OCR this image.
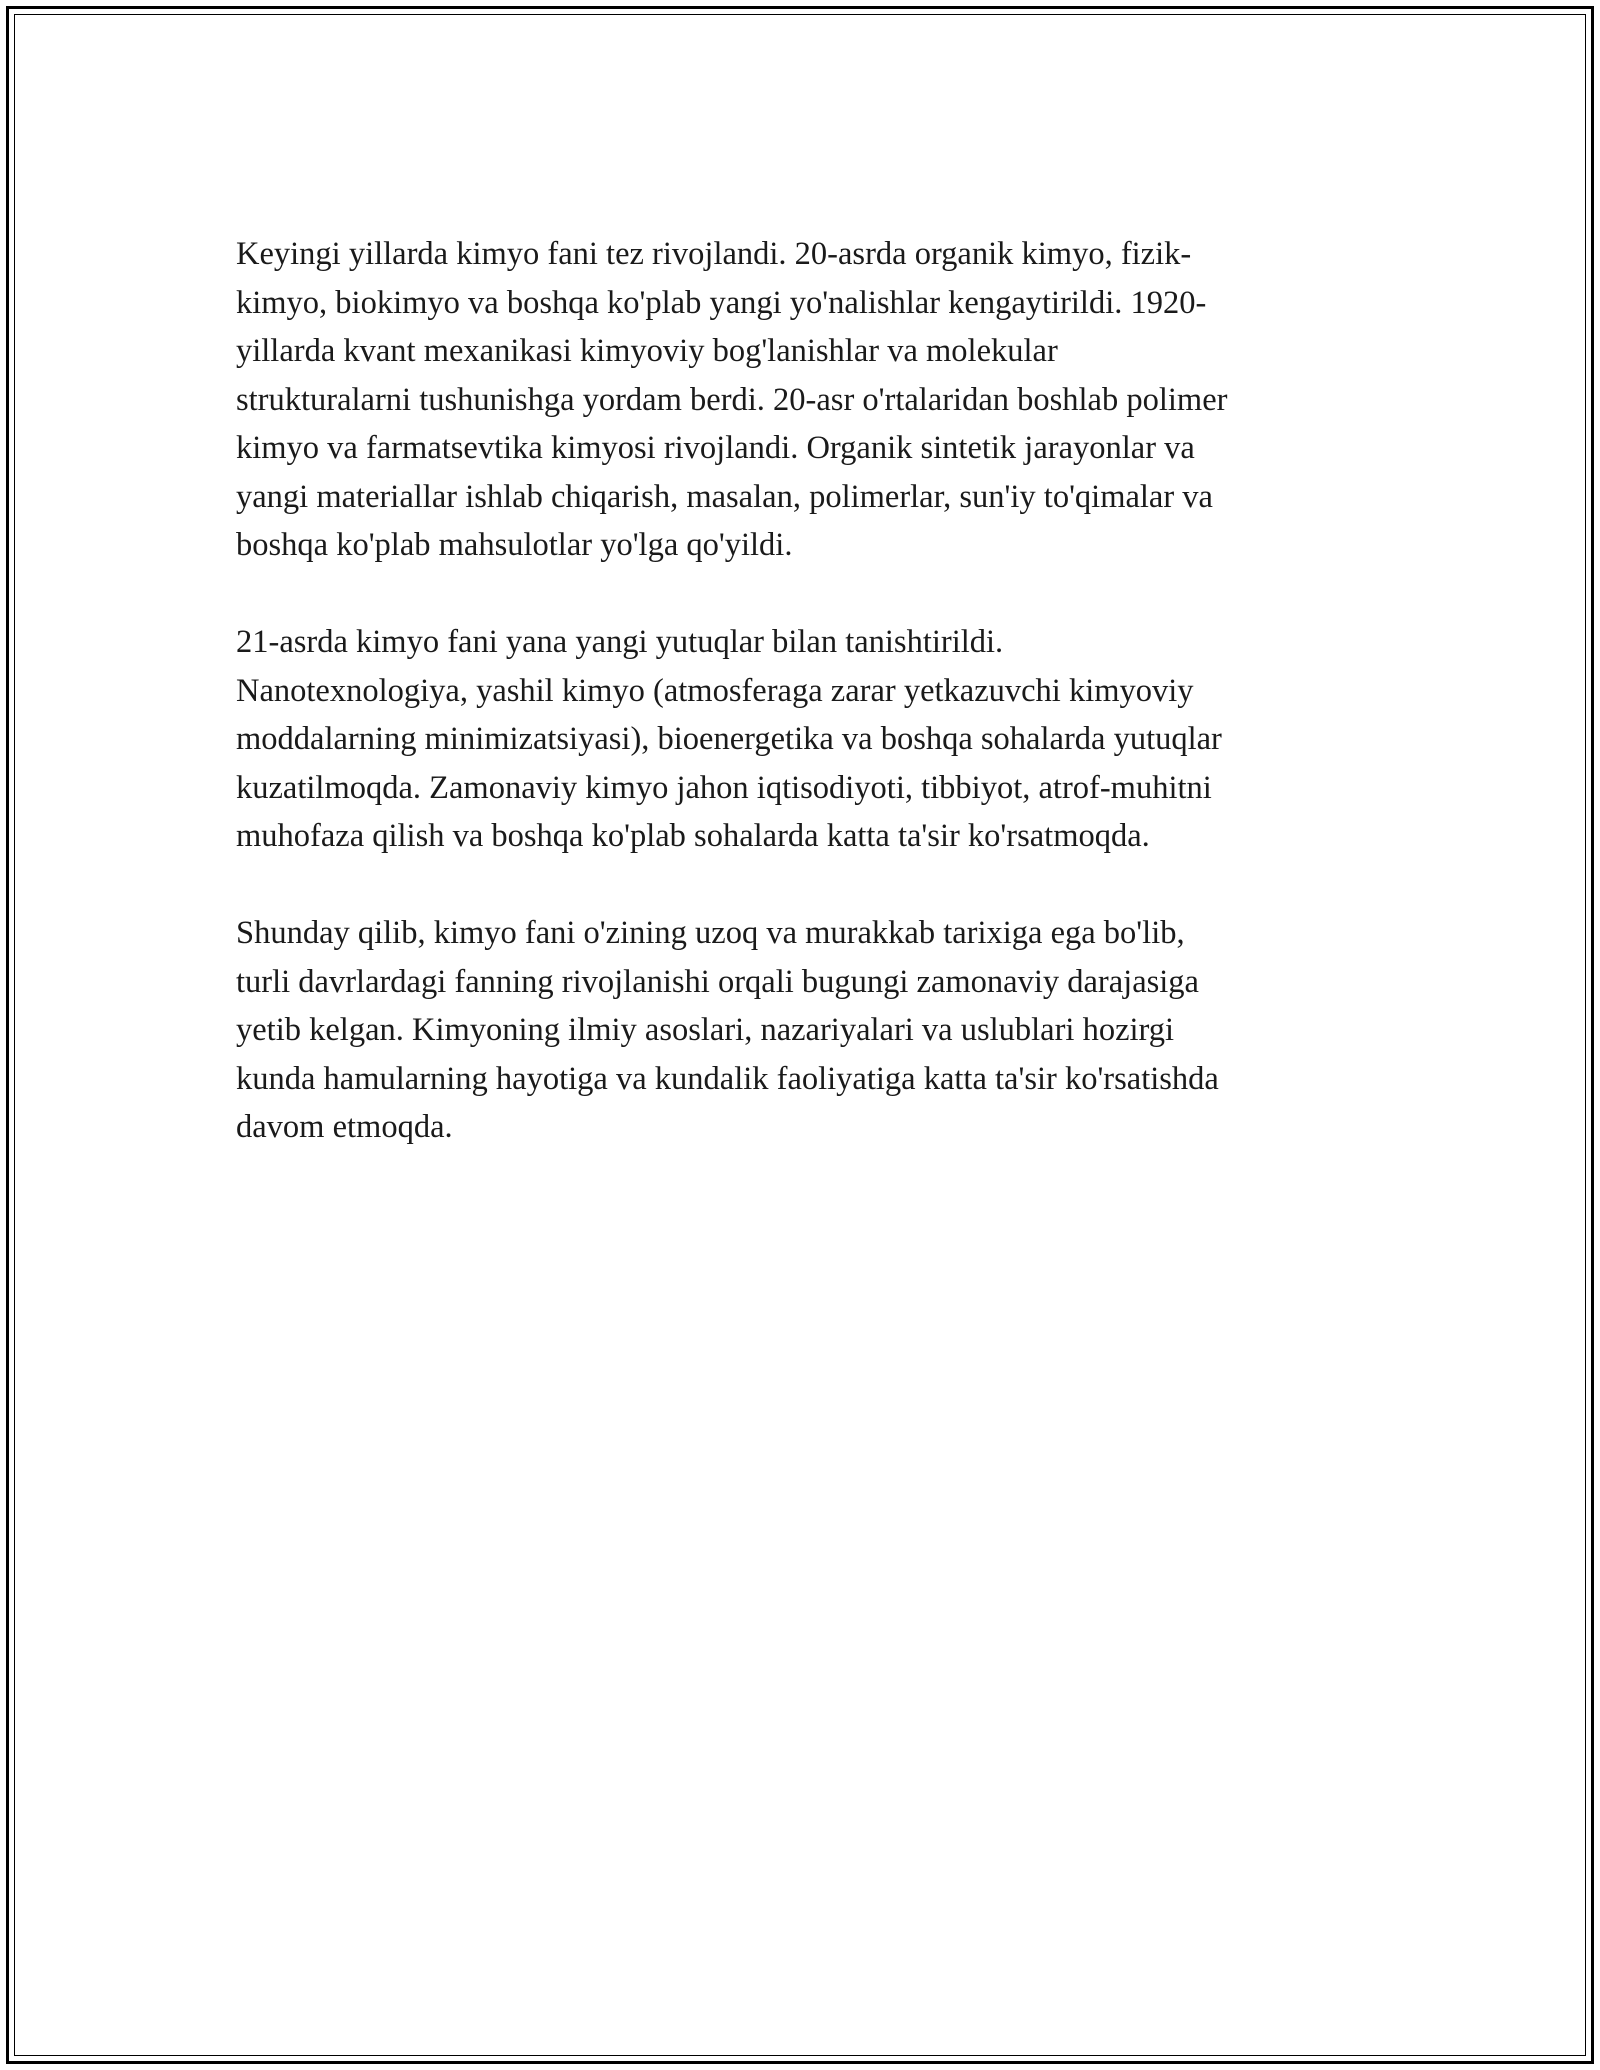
Keyingi yillarda kimyo fani tez rivojlandi. 20-asrda organik kimyo, fizik-
kimyo, biokimyo va boshqa ko'plab yangi yo'nalishlar kengaytirildi. 1920-
yillarda kvant mexanikasi kimyoviy bog'lanishlar va molekular
strukturalarni tushunishga yordam berdi. 20-asr o'rtalaridan boshlab polimer
kimyo va farmatsevtika kimyosi rivojlandi. Organik sintetik jarayonlar va
yangi materiallar ishlab chiqarish, masalan, polimerlar, sun'iy to'qimalar va
boshqa ko'plab mahsulotlar yo'lga qo'yildi.

21-asrda kimyo fani yana yangi yutuqlar bilan tanishtirildi.
Nanotexnologiya, yashil kimyo (atmosferaga zarar yetkazuvchi kimyoviy
moddalarning minimizatsiyasi), bioenergetika va boshqa sohalarda yutuqlar
kuzatilmoqda. Zamonaviy kimyo jahon iqtisodiyoti, tibbiyot, atrof-muhitni
muhofaza qilish va boshqa ko'plab sohalarda katta ta'sir ko'rsatmoqda.

Shunday qilib, kimyo fani o'zining uzoq va murakkab tarixiga ega bo'lib,
turli davrlardagi fanning rivojlanishi orqali bugungi zamonaviy darajasiga
yetib kelgan. Kimyoning ilmiy asoslari, nazariyalari va uslublari hozirgi
kunda hamularning hayotiga va kundalik faoliyatiga katta ta'sir ko'rsatishda
davom etmoqda.
